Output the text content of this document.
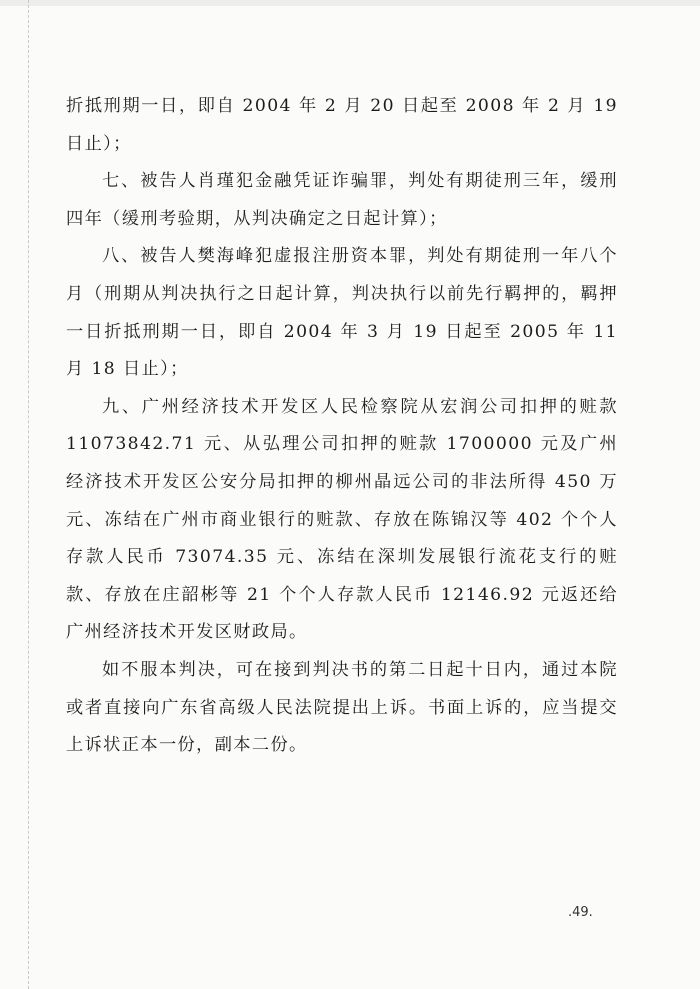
折抵刑期一日，即自 2004 年 2 月 20 日起至 2008 年 2 月 19 日止）；

七、被告人肖瑾犯金融凭证诈骗罪，判处有期徒刑三年，缓刑四年（缓刑考验期，从判决确定之日起计算）；

八、被告人樊海峰犯虚报注册资本罪，判处有期徒刑一年八个月（刑期从判决执行之日起计算，判决执行以前先行羁押的，羁押一日折抵刑期一日，即自 2004 年 3 月 19 日起至 2005 年 11 月 18 日止）；

九、广州经济技术开发区人民检察院从宏润公司扣押的赃款 11073842.71 元、从弘理公司扣押的赃款 1700000 元及广州经济技术开发区公安分局扣押的柳州晶远公司的非法所得 450 万元、冻结在广州市商业银行的赃款、存放在陈锦汉等 402 个个人存款人民币 73074.35 元、冻结在深圳发展银行流花支行的赃款、存放在庄韶彬等 21 个个人存款人民币 12146.92 元返还给广州经济技术开发区财政局。

如不服本判决，可在接到判决书的第二日起十日内，通过本院或者直接向广东省高级人民法院提出上诉。书面上诉的，应当提交上诉状正本一份，副本二份。

.49.
